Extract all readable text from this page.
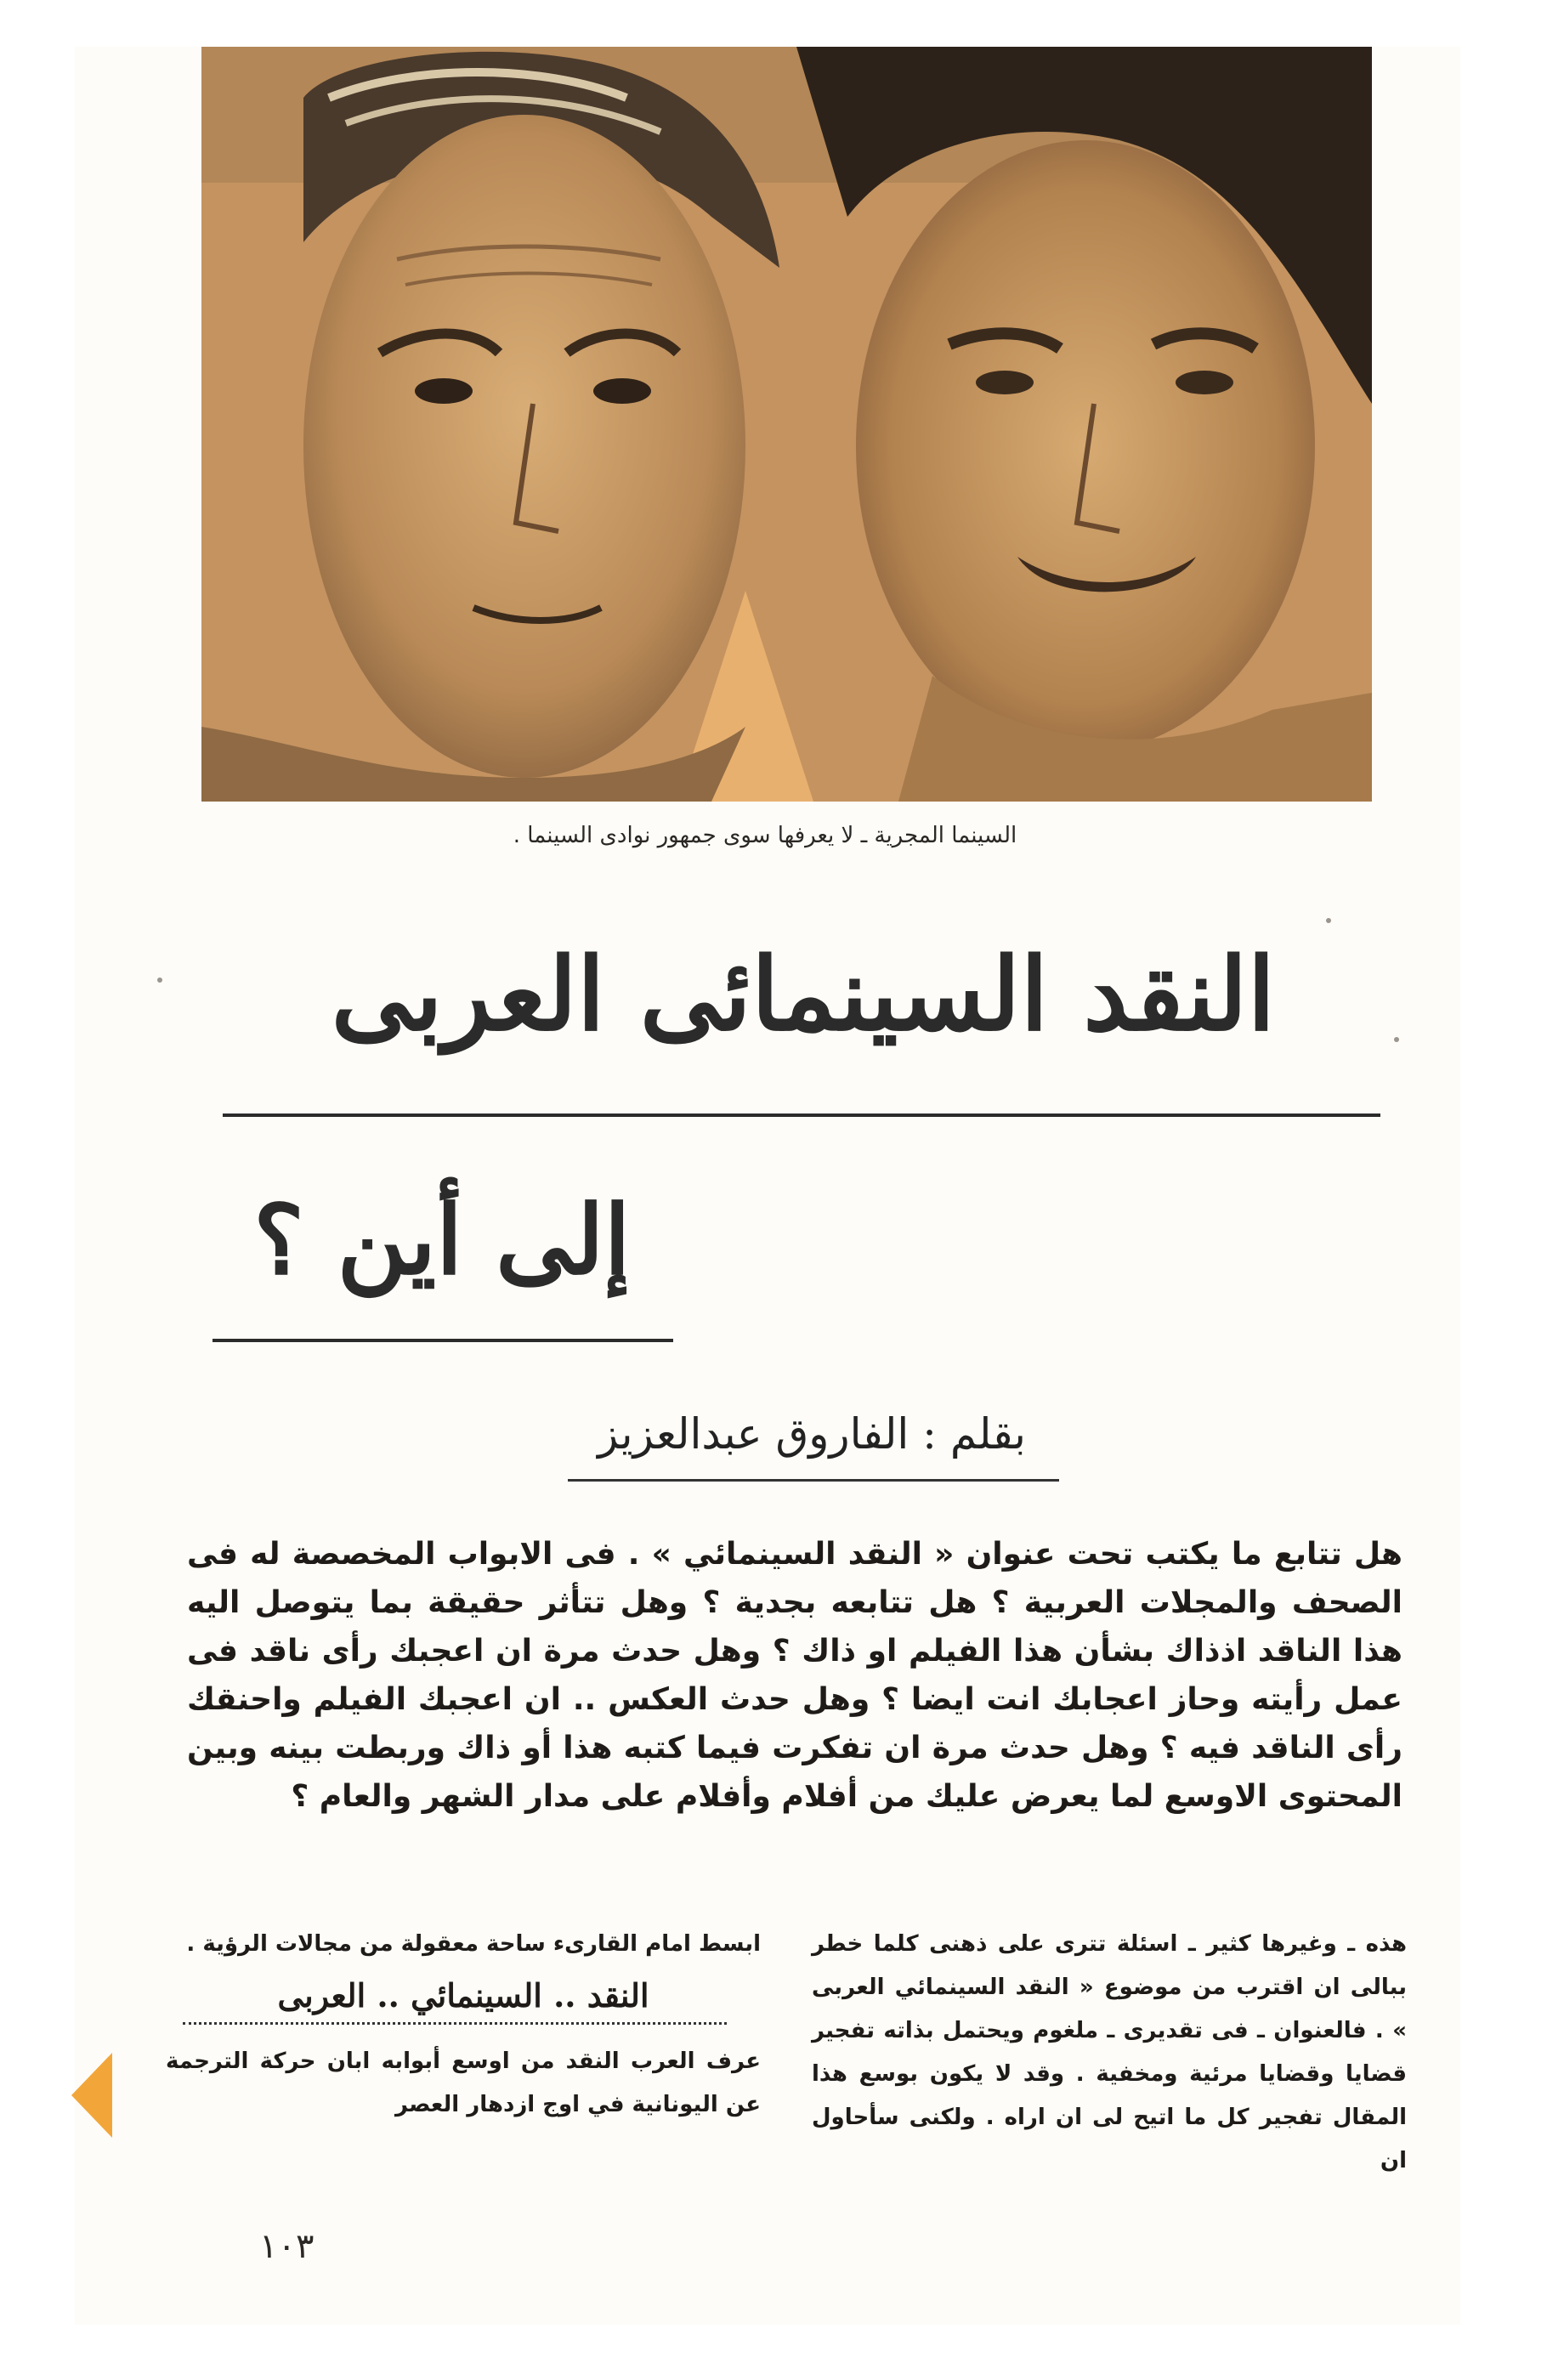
السينما المجرية ـ لا يعرفها سوى جمهور نوادى السينما .
النقد السينمائى العربى
إلى أين ؟
بقلم : الفاروق عبدالعزيز
هل تتابع ما يكتب تحت عنوان « النقد السينمائي » . فى الابواب المخصصة له فى الصحف والمجلات العربية ؟ هل تتابعه بجدية ؟ وهل تتأثر حقيقة بما يتوصل اليه هذا الناقد اذذاك بشأن هذا الفيلم او ذاك ؟ وهل حدث مرة ان اعجبك رأى ناقد فى عمل رأيته وحاز اعجابك انت ايضا ؟ وهل حدث العكس .. ان اعجبك الفيلم واحنقك رأى الناقد فيه ؟ وهل حدث مرة ان تفكرت فيما كتبه هذا أو ذاك وربطت بينه وبين المحتوى الاوسع لما يعرض عليك من أفلام وأفلام على مدار الشهر والعام ؟
هذه ـ وغيرها كثير ـ اسئلة تترى على ذهنى كلما خطر ببالى ان اقترب من موضوع « النقد السينمائي العربى » . فالعنوان ـ فى تقديرى ـ ملغوم ويحتمل بذاته تفجير قضايا وقضايا مرئية ومخفية . وقد لا يكون بوسع هذا المقال تفجير كل ما اتيح لى ان اراه . ولكنى سأحاول ان
ابسط امام القارىء ساحة معقولة من مجالات الرؤية .
النقد .. السينمائي .. العربى
عرف العرب النقد من اوسع أبوابه ابان حركة الترجمة عن اليونانية في اوج ازدهار العصر
١٠٣
